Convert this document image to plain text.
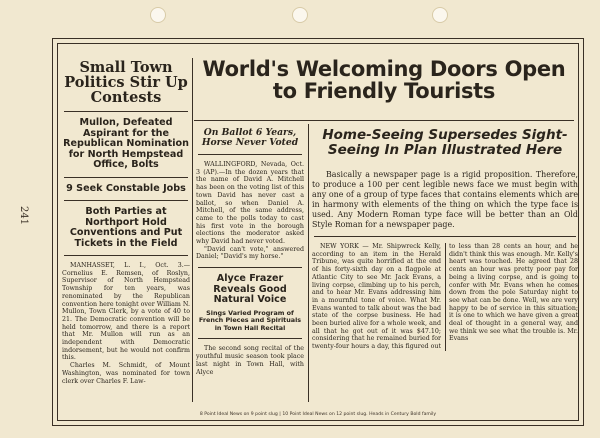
241
Small Town Politics Stir Up Contests
Mullon, Defeated Aspirant for the Republican Nomination for North Hempstead Office, Bolts
9 Seek Constable Jobs
Both Parties at Northport Hold Conventions and Put Tickets in the Field

MANHASSET, L. I., Oct. 3.—Cornelius E. Remsen, of Roslyn, Supervisor of North Hempstead Township for ten years, was renominated by the Republican convention here tonight over William N. Mullon, Town Clerk, by a vote of 40 to 21. The Democratic convention will be held tomorrow, and there is a report that Mr. Mullon will run as an independent with Democratic indorsement, but he would not confirm this.

Charles M. Schmidt, of Mount Washington, was nominated for town clerk over Charles F. Law-

World's Welcoming Doors Open to Friendly Tourists
On Ballot 6 Years, Horse Never Voted

WALLINGFORD, Nevada, Oct. 3 (AP).—In the dozen years that the name of David A. Mitchell has been on the voting list of this town David has never cast a ballot, so when Daniel A. Mitchell, of the same address, came to the polls today to cast his first vote in the borough elections the moderator asked why David had never voted.

"David can't vote," answered Daniel; "David's my horse."

Alyce Frazer Reveals Good Natural Voice
Sings Varied Program of French Pieces and Spirituals in Town Hall Recital

The second song recital of the youthful music season took place last night in Town Hall, with Alyce

Home-Seeing Supersedes Sight-Seeing In Plan Illustrated Here

Basically a newspaper page is a rigid proposition. Therefore, to produce a 100 per cent legible news face we must begin with any one of a group of type faces that contains elements which are in harmony with elements of the thing on which the type face is used. Any Modern Roman type face will be better than an Old Style Roman for a newspaper page.

NEW YORK — Mr. Shipwreck Kelly, according to an item in the Herald Tribune, was quite horrified at the end of his forty-sixth day on a flagpole at Atlantic City to see Mr. Jack Evans, a living corpse, climbing up to his perch, and to hear Mr. Evans addressing him in a mournful tone of voice. What Mr. Evans wanted to talk about was the bad state of the corpse business. He had been buried alive for a whole week, and all that he got out of it was $47.10; considering that he remained buried for twenty-four hours a day, this figured out to less than 28 cents an hour, and he didn't think this was enough. Mr. Kelly's heart was touched. He agreed that 28 cents an hour was pretty poor pay for being a living corpse, and is going to confer with Mr. Evans when he comes down from the pole Saturday night to see what can be done. Well, we are very happy to be of service in this situation; it is one to which we have given a great deal of thought in a general way, and we think we see what the trouble is. Mr. Evans

8 Point Ideal News on 9 point slug | 10 Point Ideal News on 12 point slug. Heads in Century Bold family
